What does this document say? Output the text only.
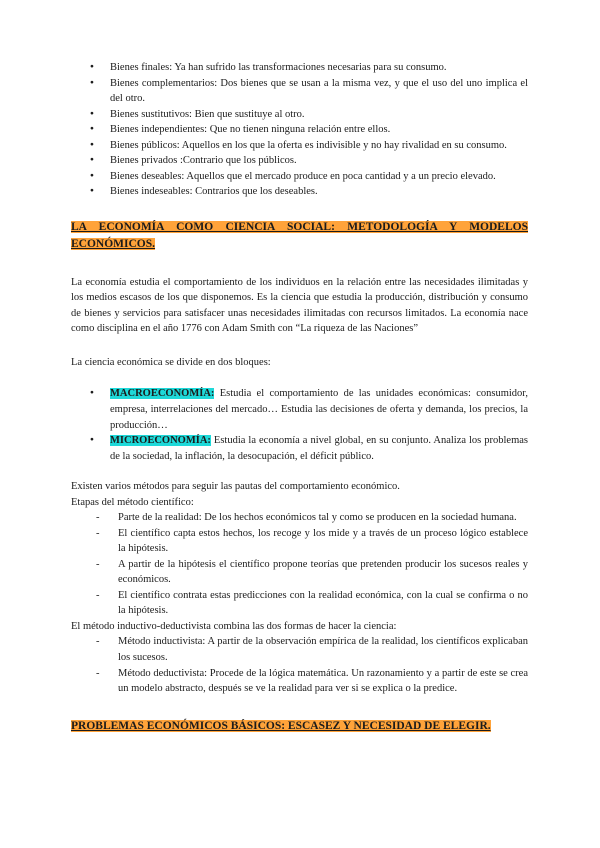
● Bienes finales: Ya han sufrido las transformaciones necesarias para su consumo.
● Bienes complementarios: Dos bienes que se usan a la misma vez, y que el uso del uno implica el del otro.
● Bienes sustitutivos: Bien que sustituye al otro.
● Bienes independientes: Que no tienen ninguna relación entre ellos.
● Bienes públicos: Aquellos en los que la oferta es indivisible y no hay rivalidad en su consumo.
● Bienes privados :Contrario que los públicos.
● Bienes deseables: Aquellos que el mercado produce en poca cantidad y a un precio elevado.
● Bienes indeseables: Contrarios que los deseables.
LA ECONOMÍA COMO CIENCIA SOCIAL: METODOLOGÍA Y MODELOS ECONÓMICOS.

La economía estudia el comportamiento de los individuos en la relación entre las necesidades ilimitadas y los medios escasos de los que disponemos. Es la ciencia que estudia la producción, distribución y consumo de bienes y servicios para satisfacer unas necesidades ilimitadas con recursos limitados. La economía nace como disciplina en el año 1776 con Adam Smith con “La riqueza de las Naciones”

La ciencia económica se divide en dos bloques:

● MACROECONOMÍA: Estudia el comportamiento de las unidades económicas: consumidor, empresa, interrelaciones del mercado… Estudia las decisiones de oferta y demanda, los precios, la producción…
● MICROECONOMÍA: Estudia la economía a nivel global, en su conjunto. Analiza los problemas de la sociedad, la inflación, la desocupación, el déficit público.

Existen varios métodos para seguir las pautas del comportamiento económico.

Etapas del método científico:

- Parte de la realidad: De los hechos económicos tal y como se producen en la sociedad humana.
- El científico capta estos hechos, los recoge y los mide y a través de un proceso lógico establece la hipótesis.
- A partir de la hipótesis el científico propone teorías que pretenden producir los sucesos reales y económicos.
- El científico contrata estas predicciones con la realidad económica, con la cual se confirma o no la hipótesis.

El método inductivo-deductivista combina las dos formas de hacer la ciencia:

- Método inductivista: A partir de la observación empírica de la realidad, los científicos explicaban los sucesos.
- Método deductivista: Procede de la lógica matemática. Un razonamiento y a partir de este se crea un modelo abstracto, después se ve la realidad para ver si se explica o la predice.
PROBLEMAS ECONÓMICOS BÁSICOS: ESCASEZ Y NECESIDAD DE ELEGIR.
